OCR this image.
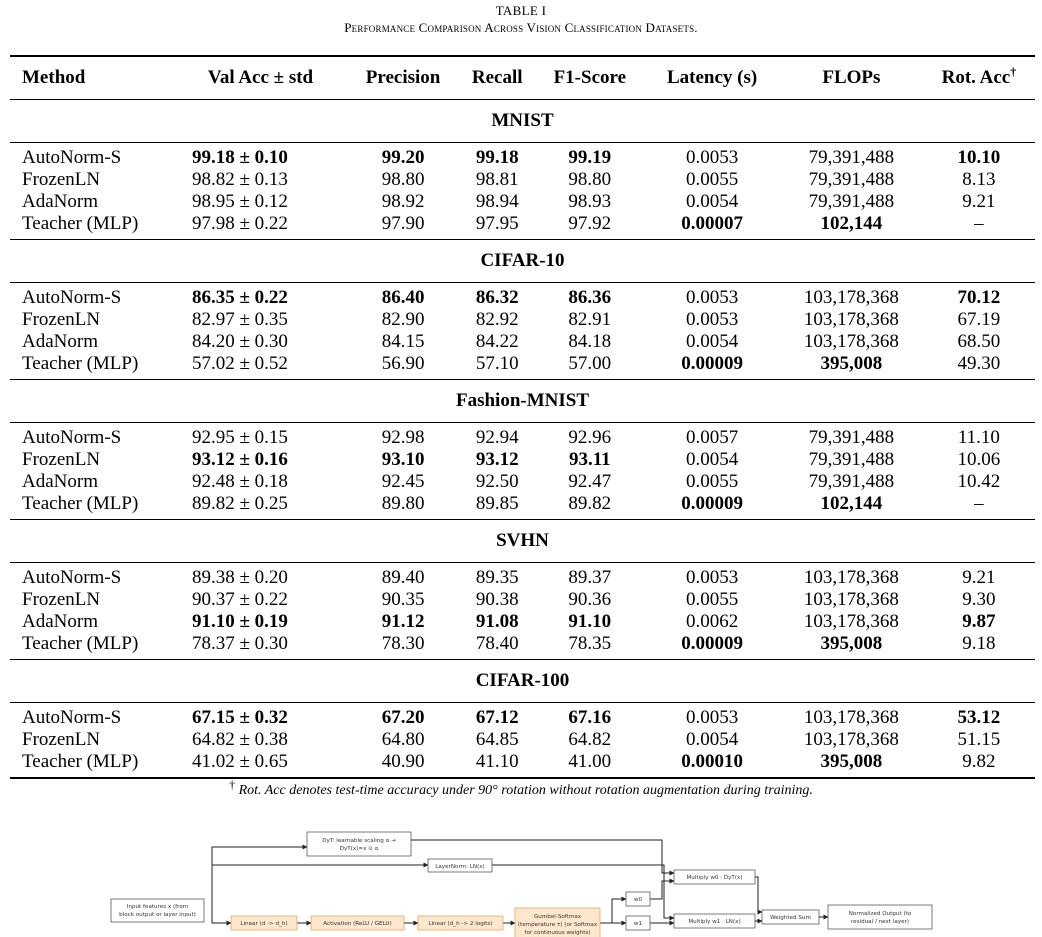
TABLE I
Performance Comparison Across Vision Classification Datasets.
Method	Val Acc ± std	Precision	Recall	F1-Score	Latency (s)	FLOPs	Rot. Acc†
MNIST							
AutoNorm-S	99.18 ± 0.10	99.20	99.18	99.19	0.0053	79,391,488	10.10
FrozenLN	98.82 ± 0.13	98.80	98.81	98.80	0.0055	79,391,488	8.13
AdaNorm	98.95 ± 0.12	98.92	98.94	98.93	0.0054	79,391,488	9.21
Teacher (MLP)	97.98 ± 0.22	97.90	97.95	97.92	0.00007	102,144	–
CIFAR-10							
AutoNorm-S	86.35 ± 0.22	86.40	86.32	86.36	0.0053	103,178,368	70.12
FrozenLN	82.97 ± 0.35	82.90	82.92	82.91	0.0053	103,178,368	67.19
AdaNorm	84.20 ± 0.30	84.15	84.22	84.18	0.0054	103,178,368	68.50
Teacher (MLP)	57.02 ± 0.52	56.90	57.10	57.00	0.00009	395,008	49.30
Fashion-MNIST							
AutoNorm-S	92.95 ± 0.15	92.98	92.94	92.96	0.0057	79,391,488	11.10
FrozenLN	93.12 ± 0.16	93.10	93.12	93.11	0.0054	79,391,488	10.06
AdaNorm	92.48 ± 0.18	92.45	92.50	92.47	0.0055	79,391,488	10.42
Teacher (MLP)	89.82 ± 0.25	89.80	89.85	89.82	0.00009	102,144	–
SVHN							
AutoNorm-S	89.38 ± 0.20	89.40	89.35	89.37	0.0053	103,178,368	9.21
FrozenLN	90.37 ± 0.22	90.35	90.38	90.36	0.0055	103,178,368	9.30
AdaNorm	91.10 ± 0.19	91.12	91.08	91.10	0.0062	103,178,368	9.87
Teacher (MLP)	78.37 ± 0.30	78.30	78.40	78.35	0.00009	395,008	9.18
CIFAR-100							
AutoNorm-S	67.15 ± 0.32	67.20	67.12	67.16	0.0053	103,178,368	53.12
FrozenLN	64.82 ± 0.38	64.80	64.85	64.82	0.0054	103,178,368	51.15
Teacher (MLP)	41.02 ± 0.65	40.90	41.10	41.00	0.00010	395,008	9.82
† Rot. Acc denotes test-time accuracy under 90° rotation without rotation augmentation during training.
Input features x (from
block output or layer input)
DyT: learnable scaling α →
DyT(x)=x ⊙ α
LayerNorm: LN(x)
Linear (d -> d_h)	Activation (ReLU / GELU)	Linear (d_h -> 2 logits)
Gumbel-Softmax
(temperature τ) (or Softmax
for continuous weights)
w0
w1
Multiply w0 · DyT(x)
Multiply w1 · LN(x)
Weighted Sum
Normalized Output (to
residual / next layer)
